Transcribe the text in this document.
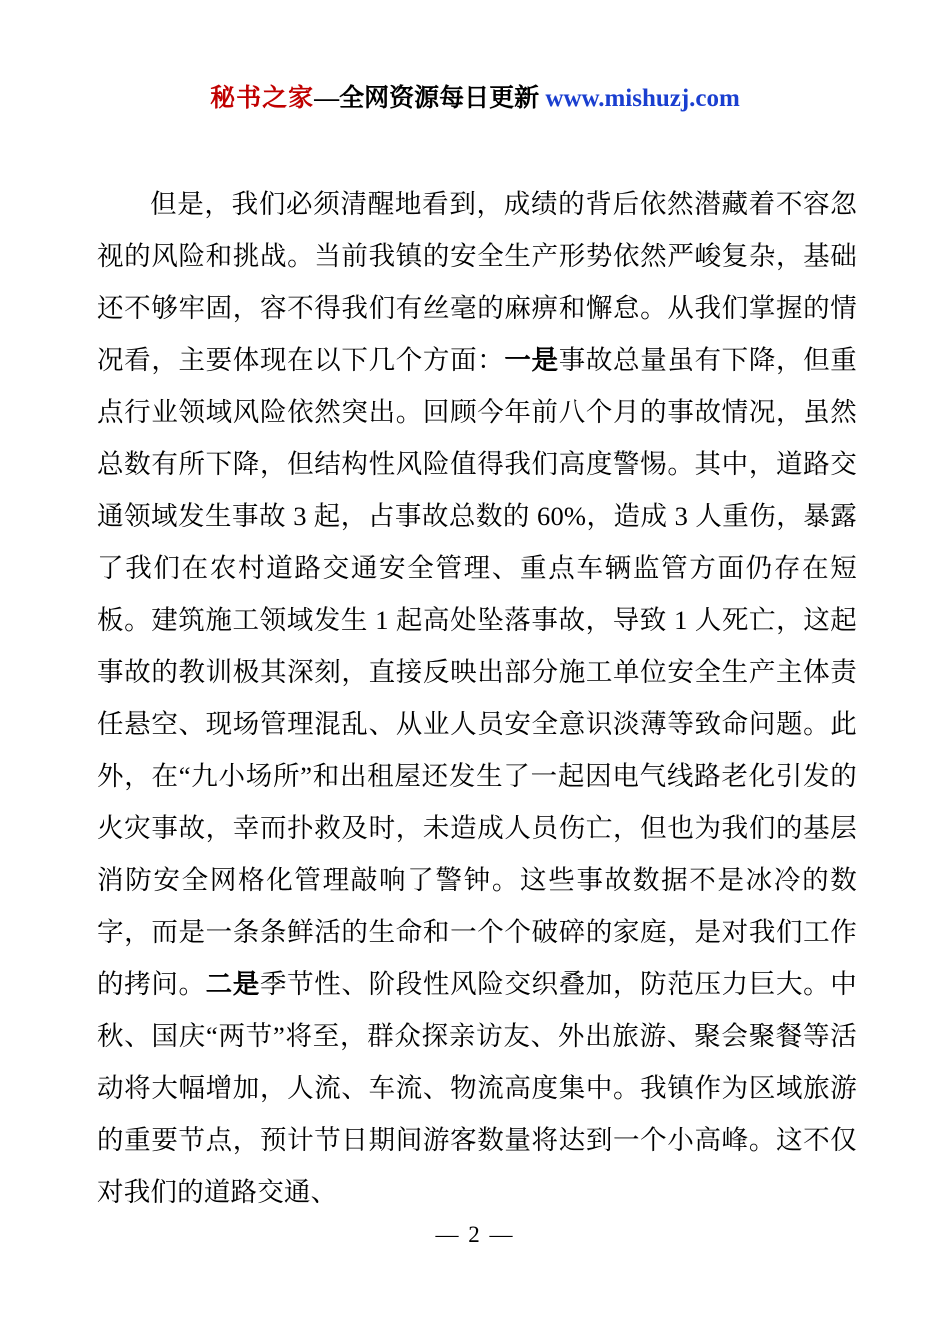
秘书之家—全网资源每日更新 www.mishuzj.com

但是，我们必须清醒地看到，成绩的背后依然潜藏着不容忽视的风险和挑战。当前我镇的安全生产形势依然严峻复杂，基础还不够牢固，容不得我们有丝毫的麻痹和懈怠。从我们掌握的情况看，主要体现在以下几个方面：一是事故总量虽有下降，但重点行业领域风险依然突出。回顾今年前八个月的事故情况，虽然总数有所下降，但结构性风险值得我们高度警惕。其中，道路交通领域发生事故 3 起，占事故总数的 60%，造成 3 人重伤，暴露了我们在农村道路交通安全管理、重点车辆监管方面仍存在短板。建筑施工领域发生 1 起高处坠落事故，导致 1 人死亡，这起事故的教训极其深刻，直接反映出部分施工单位安全生产主体责任悬空、现场管理混乱、从业人员安全意识淡薄等致命问题。此外，在“九小场所”和出租屋还发生了一起因电气线路老化引发的火灾事故，幸而扑救及时，未造成人员伤亡，但也为我们的基层消防安全网格化管理敲响了警钟。这些事故数据不是冰冷的数字，而是一条条鲜活的生命和一个个破碎的家庭，是对我们工作的拷问。二是季节性、阶段性风险交织叠加，防范压力巨大。中秋、国庆“两节”将至，群众探亲访友、外出旅游、聚会聚餐等活动将大幅增加，人流、车流、物流高度集中。我镇作为区域旅游的重要节点，预计节日期间游客数量将达到一个小高峰。这不仅对我们的道路交通、

— 2 —
